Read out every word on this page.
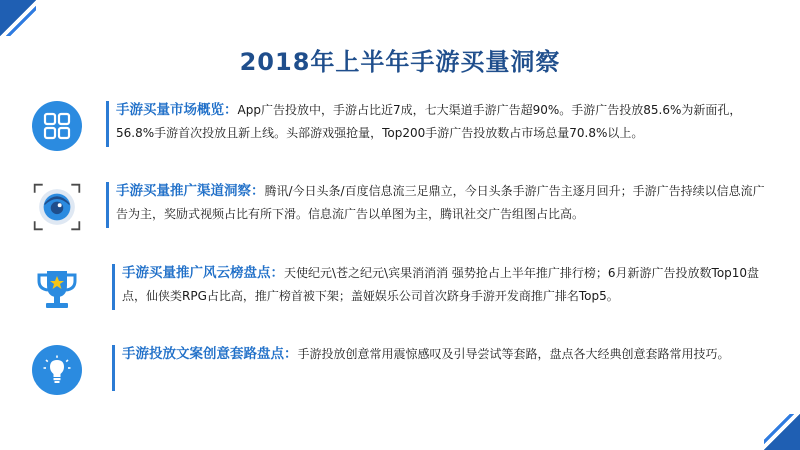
2018年上半年手游买量洞察
手游买量市场概览：App广告投放中，手游占比近7成，七大渠道手游广告超90%。手游广告投放85.6%为新面孔，56.8%手游首次投放且新上线。头部游戏强抢量，Top200手游广告投放数占市场总量70.8%以上。
手游买量推广渠道洞察：腾讯/今日头条/百度信息流三足鼎立，今日头条手游广告主逐月回升；手游广告持续以信息流广告为主，奖励式视频占比有所下滑。信息流广告以单图为主，腾讯社交广告组图占比高。
手游买量推广风云榜盘点：天使纪元\苍之纪元\宾果消消消 强势抢占上半年推广排行榜；6月新游广告投放数Top10盘点，仙侠类RPG占比高，推广榜首被下架；盖娅娱乐公司首次跻身手游开发商推广排名Top5。
手游投放文案创意套路盘点：手游投放创意常用震惊感叹及引导尝试等套路，盘点各大经典创意套路常用技巧。
